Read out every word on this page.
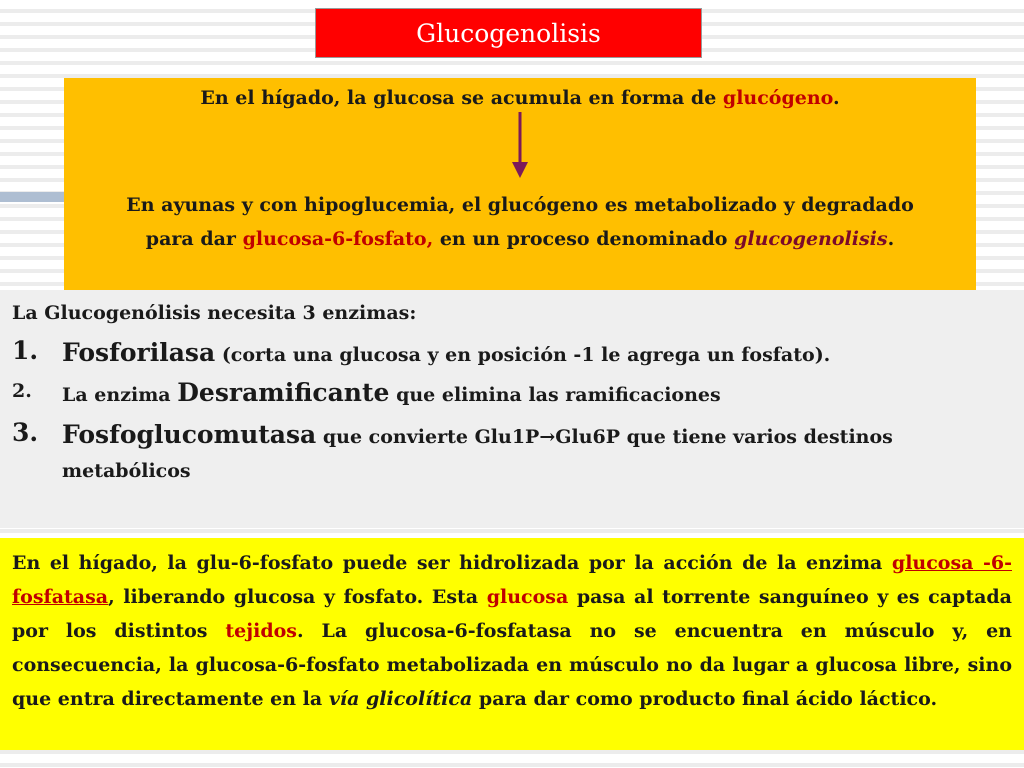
Glucogenolisis
En el hígado, la glucosa se acumula en forma de glucógeno.
En ayunas y con hipoglucemia, el glucógeno es metabolizado y degradado para dar glucosa-6-fosfato, en un proceso denominado glucogenolisis.
La Glucogenólisis necesita 3 enzimas:
1. Fosforilasa (corta una glucosa y en posición -1 le agrega un fosfato).
2. La enzima Desramificante que elimina las ramificaciones
3. Fosfoglucomutasa que convierte Glu1P→Glu6P que tiene varios destinos metabólicos
En el hígado, la glu-6-fosfato puede ser hidrolizada por la acción de la enzima glucosa -6-fosfatasa, liberando glucosa y fosfato. Esta glucosa pasa al torrente sanguíneo y es captada por los distintos tejidos. La glucosa-6-fosfatasa no se encuentra en músculo y, en consecuencia, la glucosa-6-fosfato metabolizada en músculo no da lugar a glucosa libre, sino que entra directamente en la vía glicolítica para dar como producto final ácido láctico.
